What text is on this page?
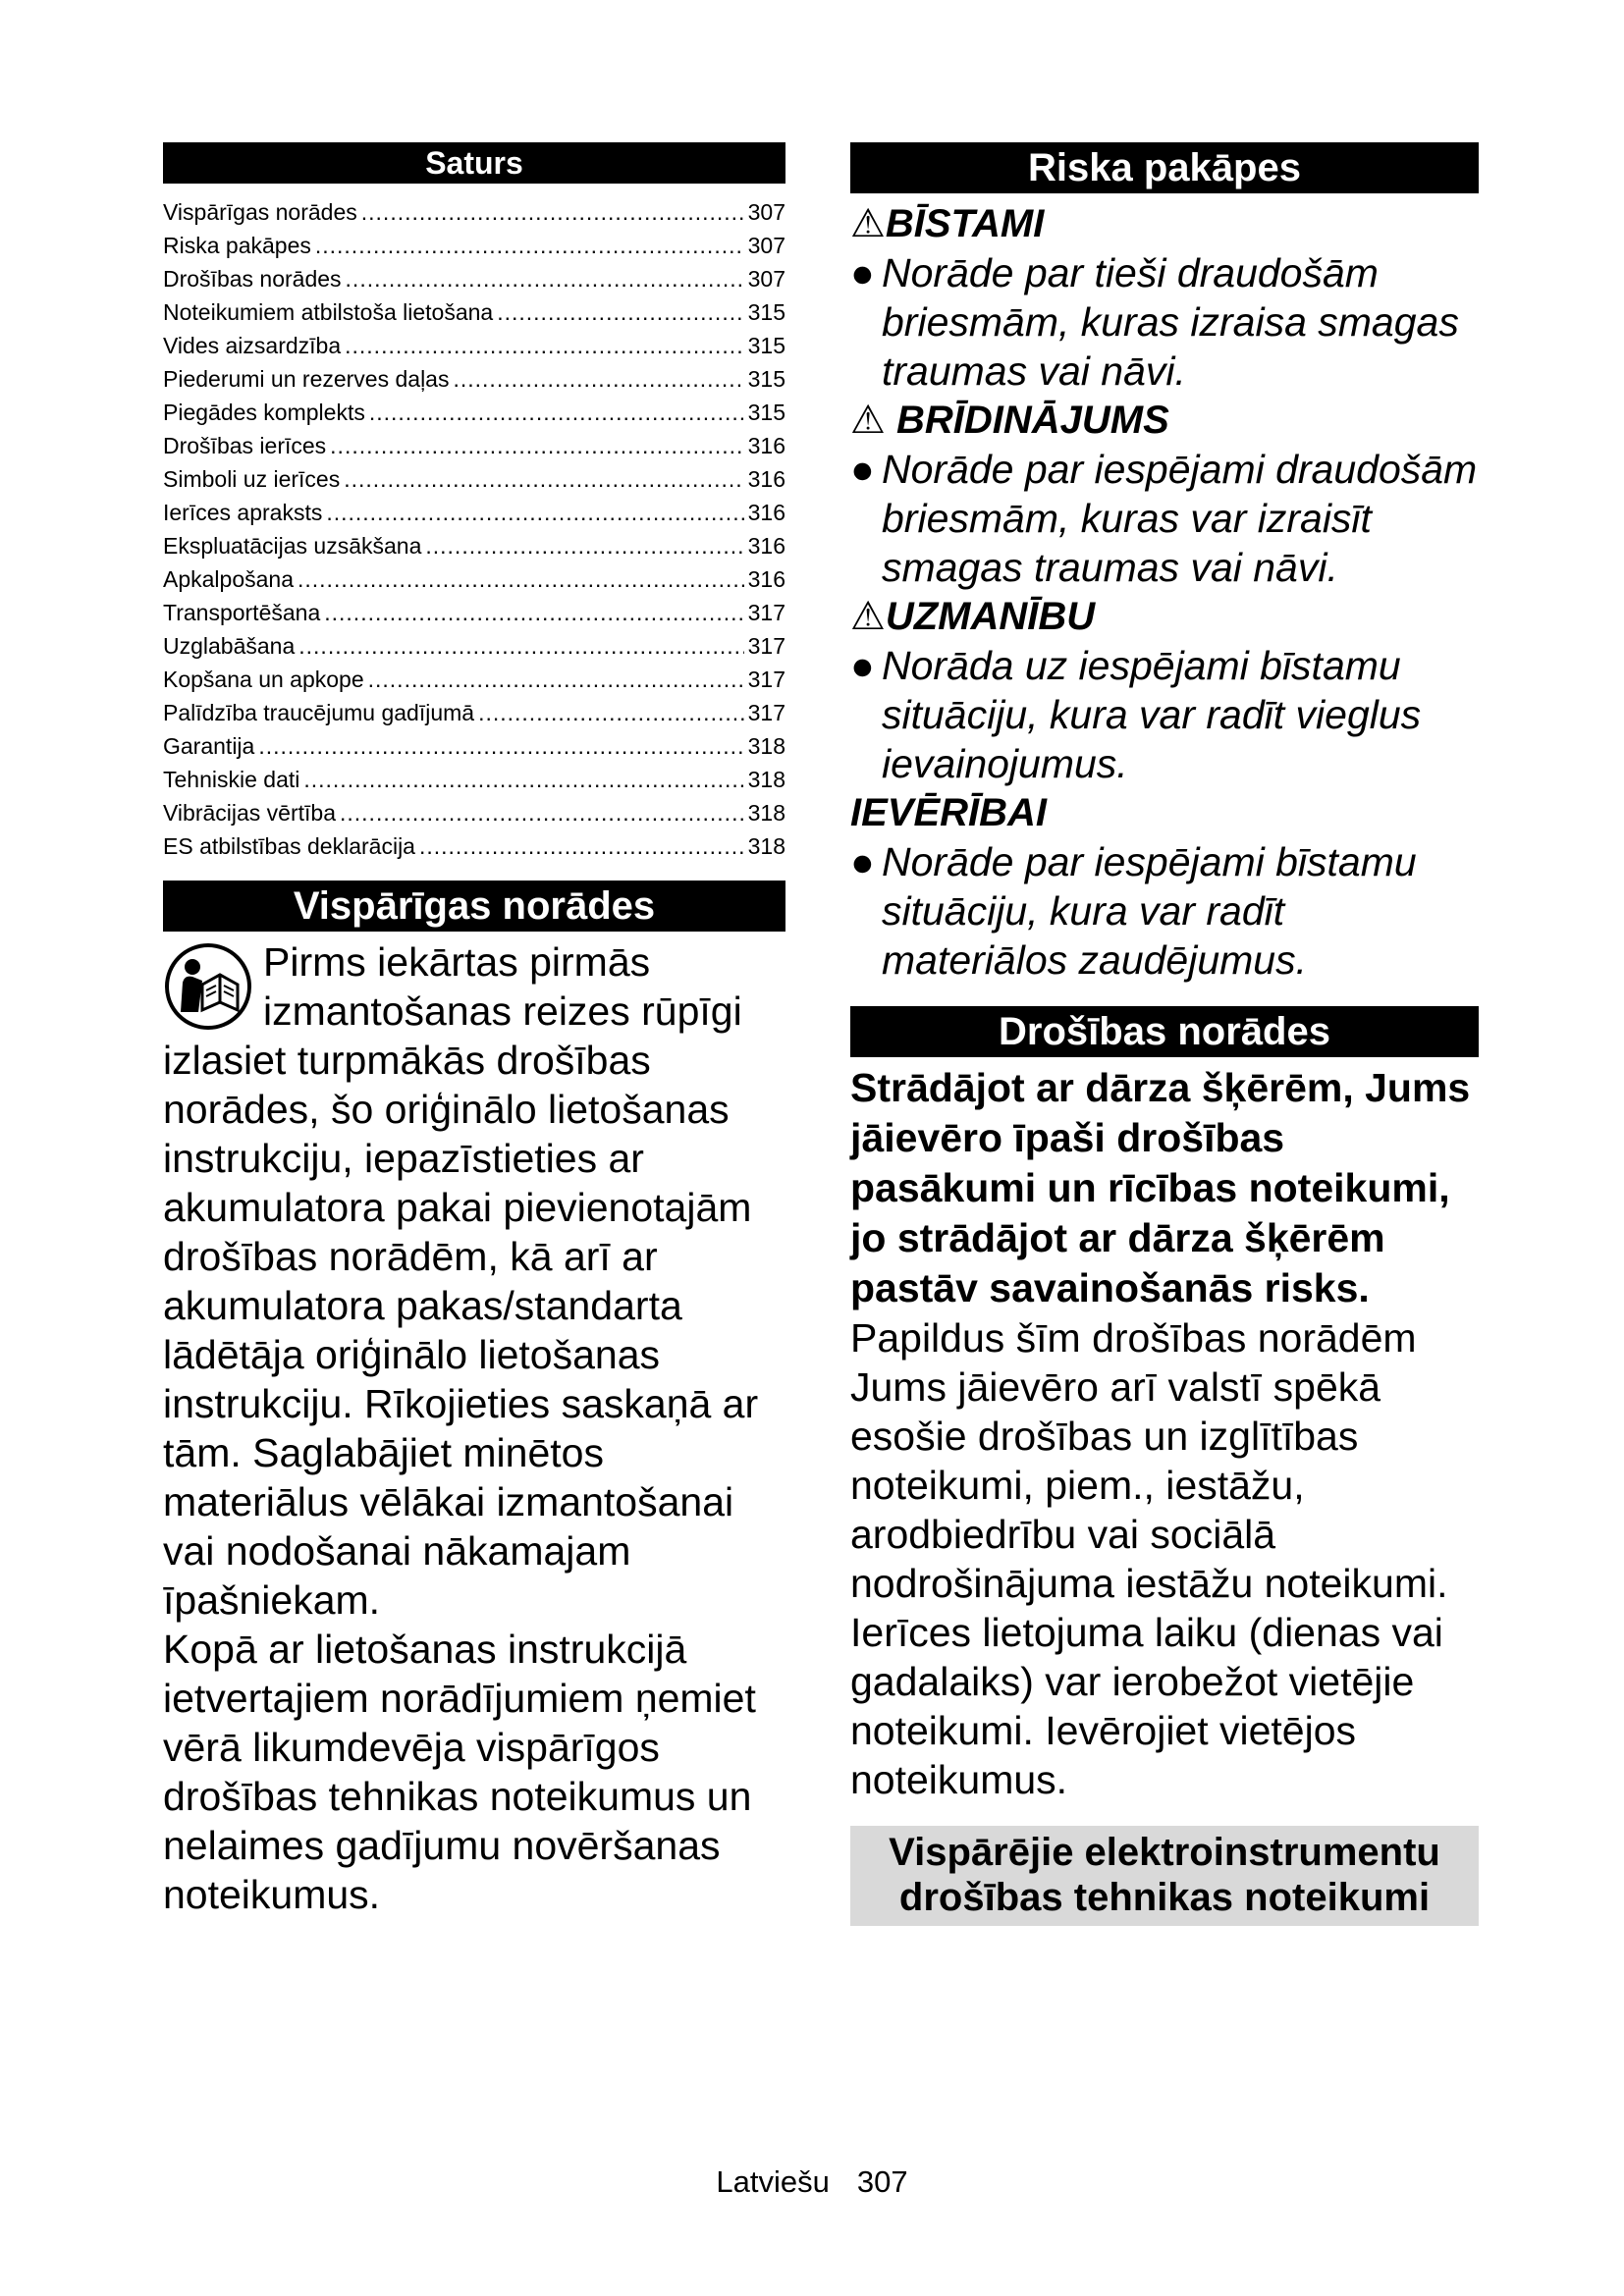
Saturs
Vispārīgas norādes .....	307
Riska pakāpes .....	307
Drošības norādes .....	307
Noteikumiem atbilstoša lietošana .....	315
Vides aizsardzība .....	315
Piederumi un rezerves daļas .....	315
Piegādes komplekts .....	315
Drošības ierīces .....	316
Simboli uz ierīces .....	316
Ierīces apraksts .....	316
Ekspluatācijas uzsākšana .....	316
Apkalpošana .....	316
Transportēšana .....	317
Uzglabāšana .....	317
Kopšana un apkope .....	317
Palīdzība traucējumu gadījumā .....	317
Garantija .....	318
Tehniskie dati .....	318
Vibrācijas vērtība .....	318
ES atbilstības deklarācija .....	318
Vispārīgas norādes

Pirms iekārtas pirmās izmantošanas reizes rūpīgi izlasiet turpmākās drošības norādes, šo oriģinālo lietošanas instrukciju, iepazīstieties ar akumulatora pakai pievienotajām drošības norādēm, kā arī ar akumulatora pakas/standarta lādētāja oriģinālo lietošanas instrukciju. Rīkojieties saskaņā ar tām. Saglabājiet minētos materiālus vēlākai izmantošanai vai nodošanai nākamajam īpašniekam.

Kopā ar lietošanas instrukcijā ietvertajiem norādījumiem ņemiet vērā likumdevēja vispārīgos drošības tehnikas noteikumus un nelaimes gadījumu novēršanas noteikumus.

Riska pakāpes

⚠BĪSTAMI

● Norāde par tieši draudošām briesmām, kuras izraisa smagas traumas vai nāvi.

⚠ BRĪDINĀJUMS

● Norāde par iespējami draudošām briesmām, kuras var izraisīt smagas traumas vai nāvi.

⚠UZMANĪBU

● Norāda uz iespējami bīstamu situāciju, kura var radīt vieglus ievainojumus.

IEVĒRĪBAI

● Norāde par iespējami bīstamu situāciju, kura var radīt materiālos zaudējumus.

Drošības norādes

Strādājot ar dārza šķērēm, Jums jāievēro īpaši drošības pasākumi un rīcības noteikumi, jo strādājot ar dārza šķērēm pastāv savainošanās risks.

Papildus šīm drošības norādēm Jums jāievēro arī valstī spēkā esošie drošības un izglītības noteikumi, piem., iestāžu, arodbiedrību vai sociālā nodrošinājuma iestāžu noteikumi. Ierīces lietojuma laiku (dienas vai gadalaiks) var ierobežot vietējie noteikumi. Ievērojiet vietējos noteikumus.

Vispārējie elektroinstrumentu drošības tehnikas noteikumi
Latviešu 307
